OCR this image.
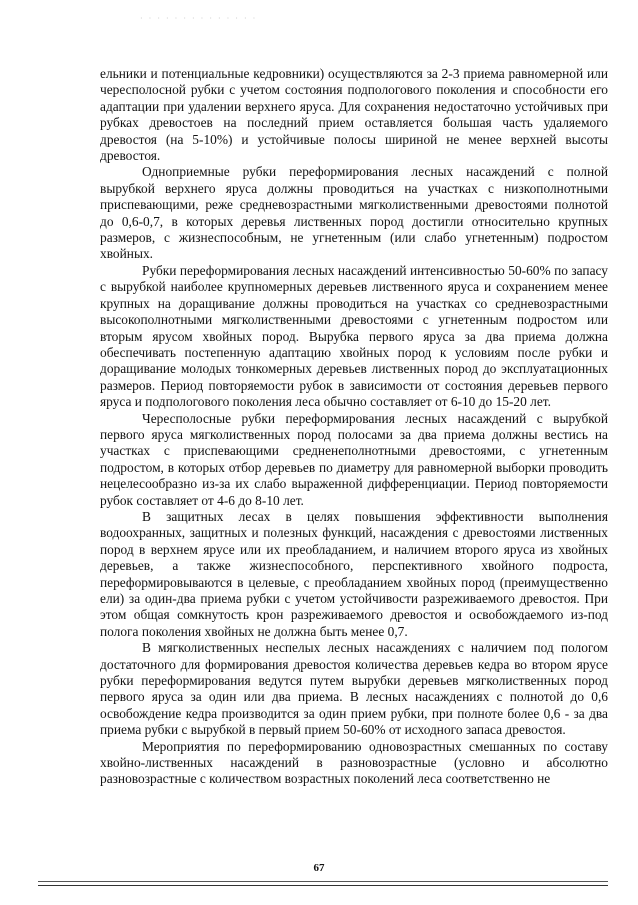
· · · · · · · · · · · · · ·

ельники и потенциальные кедровники) осуществляются за 2-3 приема равномерной или чересполосной рубки с учетом состояния подпологового поколения и способности его адаптации при удалении верхнего яруса. Для сохранения недостаточно устойчивых при рубках древостоев на последний прием оставляется большая часть удаляемого древостоя (на 5-10%) и устойчивые полосы шириной не менее верхней высоты древостоя.

Одноприемные рубки переформирования лесных насаждений с полной вырубкой верхнего яруса должны проводиться на участках с низкополнотными приспевающими, реже средневозрастными мягколиственными древостоями полнотой до 0,6-0,7, в которых деревья лиственных пород достигли относительно крупных размеров, с жизнеспособным, не угнетенным (или слабо угнетенным) подростом хвойных.

Рубки переформирования лесных насаждений интенсивностью 50-60% по запасу с вырубкой наиболее крупномерных деревьев лиственного яруса и сохранением менее крупных на доращивание должны проводиться на участках со средневозрастными высокополнотными мягколиственными древостоями с угнетенным подростом или вторым ярусом хвойных пород. Вырубка первого яруса за два приема должна обеспечивать постепенную адаптацию хвойных пород к условиям после рубки и доращивание молодых тонкомерных деревьев лиственных пород до эксплуатационных размеров. Период повторяемости рубок в зависимости от состояния деревьев первого яруса и подпологового поколения леса обычно составляет от 6-10 до 15-20 лет.

Чересполосные рубки переформирования лесных насаждений с вырубкой первого яруса мягколиственных пород полосами за два приема должны вестись на участках с приспевающими средненеполнотными древостоями, с угнетенным подростом, в которых отбор деревьев по диаметру для равномерной выборки проводить нецелесообразно из-за их слабо выраженной дифференциации. Период повторяемости рубок составляет от 4-6 до 8-10 лет.

В защитных лесах в целях повышения эффективности выполнения водоохранных, защитных и полезных функций, насаждения с древостоями лиственных пород в верхнем ярусе или их преобладанием, и наличием второго яруса из хвойных деревьев, а также жизнеспособного, перспективного хвойного подроста, переформировываются в целевые, с преобладанием хвойных пород (преимущественно ели) за один-два приема рубки с учетом устойчивости разреживаемого древостоя. При этом общая сомкнутость крон разреживаемого древостоя и освобождаемого из-под полога поколения хвойных не должна быть менее 0,7.

В мягколиственных неспелых лесных насаждениях с наличием под пологом достаточного для формирования древостоя количества деревьев кедра во втором ярусе рубки переформирования ведутся путем вырубки деревьев мягколиственных пород первого яруса за один или два приема. В лесных насаждениях с полнотой до 0,6 освобождение кедра производится за один прием рубки, при полноте более 0,6 - за два приема рубки с вырубкой в первый прием 50-60% от исходного запаса древостоя.

Мероприятия по переформированию одновозрастных смешанных по составу хвойно-лиственных насаждений в разновозрастные (условно и абсолютно разновозрастные с количеством возрастных поколений леса соответственно не

67
